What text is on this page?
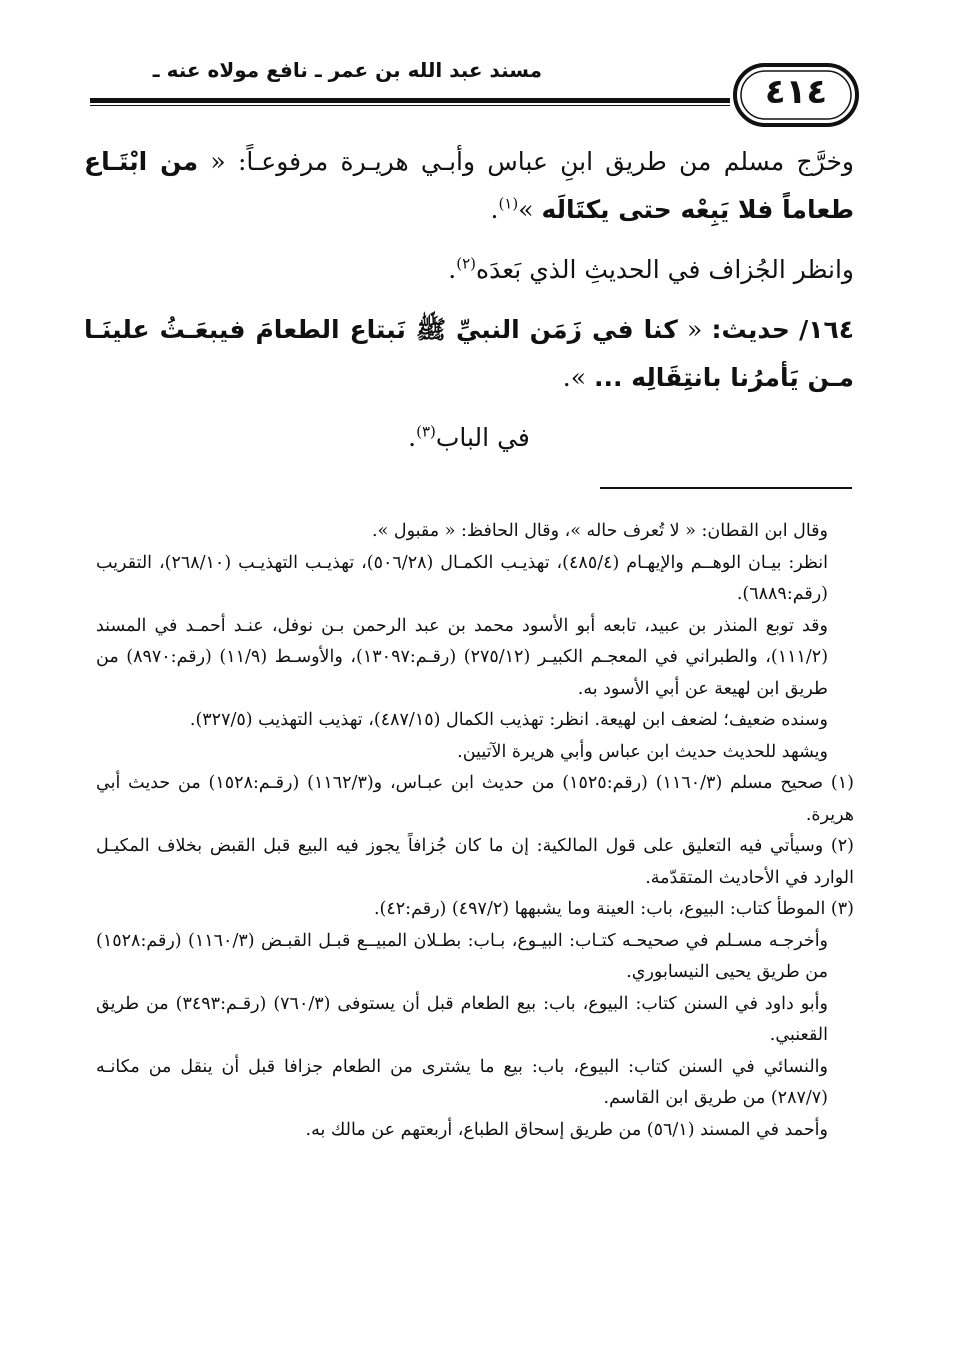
مسند عبد الله بن عمر ـ نافع مولاه عنه ـ
٤١٤

وخرَّج مسلم من طريق ابنِ عباس وأبـي هريـرة مرفوعـاً: « من ابْتَـاع طعاماً فلا يَبِعْه حتى يكتَالَه »$^{(١)}$.

وانظر الجُزاف في الحديثِ الذي بَعدَه$^{(٢)}$.

١٦٤/ حديث: « كنا في زَمَن النبيِّ ﷺ نَبتاع الطعامَ فيبعَـثُ علينَـا مـن يَأمرُنا بانتِقَالِه ... ».

في الباب$^{(٣)}$.

وقال ابن القطان: « لا تُعرف حاله »، وقال الحافظ: « مقبول ».

انظر: بيـان الوهــم والإيهـام (٤٨٥/٤)، تهذيـب الكمـال (٥٠٦/٢٨)، تهذيـب التهذيـب (٢٦٨/١٠)، التقريب (رقم:٦٨٨٩).

وقد توبع المنذر بن عبيد، تابعه أبو الأسود محمد بن عبد الرحمن بـن نوفل، عنـد أحمـد في المسند (١١١/٢)، والطبراني في المعجـم الكبيـر (٢٧٥/١٢) (رقـم:١٣٠٩٧)، والأوسـط (١١/٩) (رقم:٨٩٧٠) من طريق ابن لهيعة عن أبي الأسود به.

وسنده ضعيف؛ لضعف ابن لهيعة. انظر: تهذيب الكمال (٤٨٧/١٥)، تهذيب التهذيب (٣٢٧/٥).

ويشهد للحديث حديث ابن عباس وأبي هريرة الآتيين.

(١) صحيح مسلم (١١٦٠/٣) (رقم:١٥٢٥) من حديث ابن عبـاس، و(١١٦٢/٣) (رقـم:١٥٢٨) من حديث أبي هريرة.

(٢) وسيأتي فيه التعليق على قول المالكية: إن ما كان جُزافاً يجوز فيه البيع قبل القبض بخلاف المكيـل الوارد في الأحاديث المتقدّمة.

(٣) الموطأ كتاب: البيوع، باب: العينة وما يشبهها (٤٩٧/٢) (رقم:٤٢).

وأخرجـه مسـلم في صحيحـه كتـاب: البيـوع، بـاب: بطـلان المبيــع قبـل القبـض (١١٦٠/٣) (رقم:١٥٢٨) من طريق يحيى النيسابوري.

وأبو داود في السنن كتاب: البيوع، باب: بيع الطعام قبل أن يستوفى (٧٦٠/٣) (رقـم:٣٤٩٣) من طريق القعنبي.

والنسائي في السنن كتاب: البيوع، باب: بيع ما يشترى من الطعام جزافا قبل أن ينقل من مكانـه (٢٨٧/٧) من طريق ابن القاسم.

وأحمد في المسند (٥٦/١) من طريق إسحاق الطباع، أربعتهم عن مالك به.
